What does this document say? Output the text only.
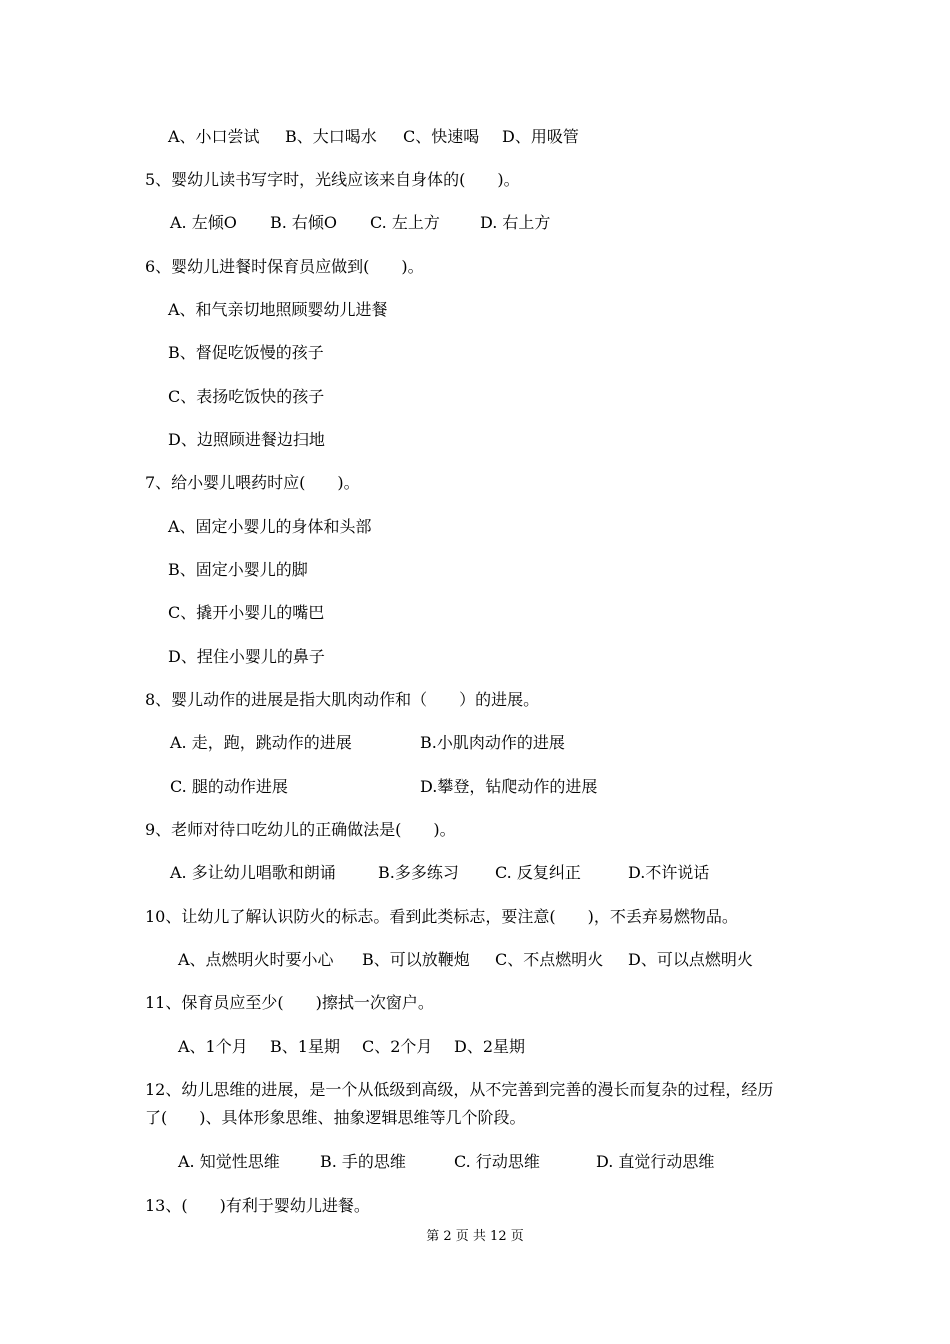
A、小口尝试 B、大口喝水 C、快速喝 D、用吸管
5、婴幼儿读书写字时，光线应该来自身体的(　　)。
A. 左倾O B. 右倾O C. 左上方	D. 右上方
6、婴幼儿进餐时保育员应做到(　　)。
A、和气亲切地照顾婴幼儿进餐
B、督促吃饭慢的孩子
C、表扬吃饭快的孩子
D、边照顾进餐边扫地
7、给小婴儿喂药时应(　　)。
A、固定小婴儿的身体和头部
B、固定小婴儿的脚
C、撬开小婴儿的嘴巴
D、捏住小婴儿的鼻子
8、婴儿动作的进展是指大肌肉动作和（　　）的进展。
A. 走，跑，跳动作的进展	B.小肌肉动作的进展
C. 腿的动作进展	D.攀登，钻爬动作的进展
9、老师对待口吃幼儿的正确做法是(　　)。
A. 多让幼儿唱歌和朗诵	B.多多练习 C. 反复纠正	D.不许说话
10、让幼儿了解认识防火的标志。看到此类标志，要注意(　　)，不丢弃易燃物品。
A、点燃明火时要小心 B、可以放鞭炮 C、不点燃明火 D、可以点燃明火
11、保育员应至少(　　)擦拭一次窗户。
A、1个月 B、1星期 C、2个月 D、2星期
12、幼儿思维的进展，是一个从低级到高级，从不完善到完善的漫长而复杂的过程，经历
了(　　)、具体形象思维、抽象逻辑思维等几个阶段。
A. 知觉性思维	B. 手的思维	C. 行动思维	D. 直觉行动思维
13、(　　)有利于婴幼儿进餐。
第 2 页 共 12 页
